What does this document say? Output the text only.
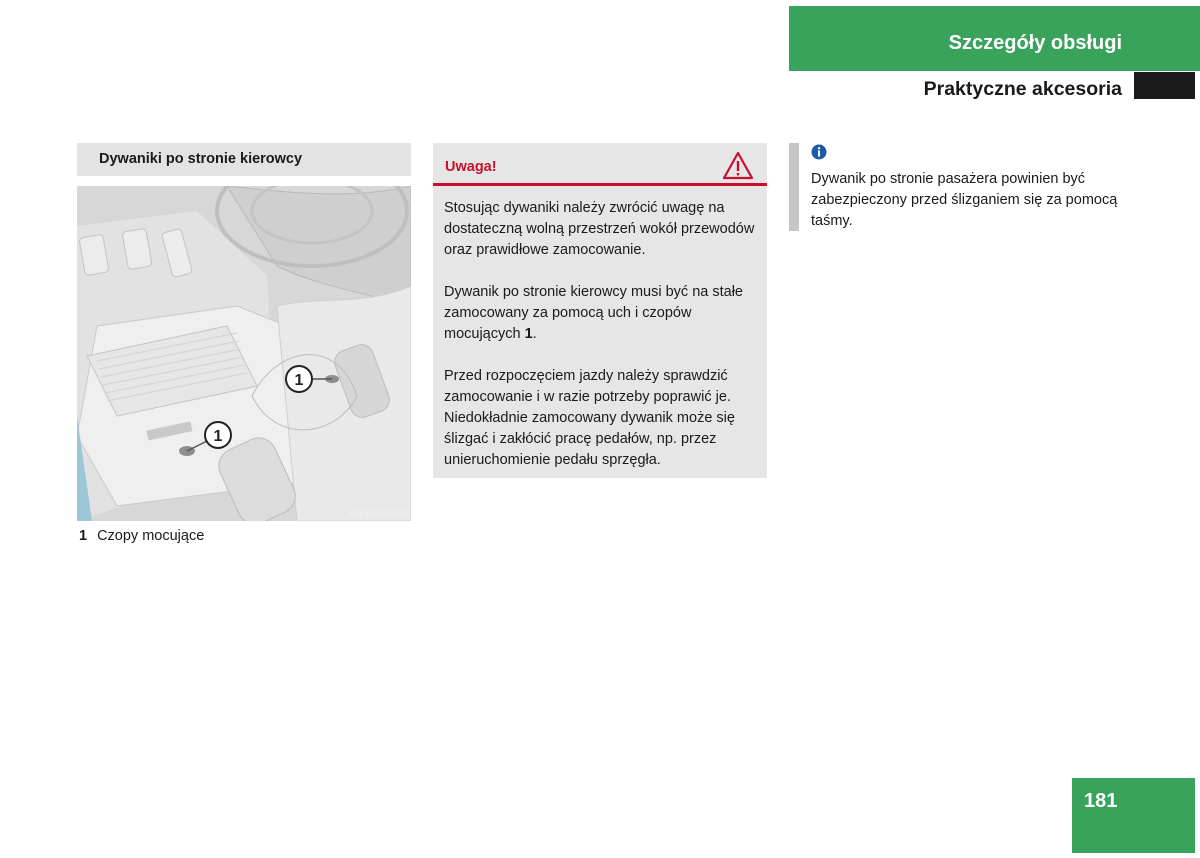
Szczegóły obsługi
Praktyczne akcesoria
Dywaniki po stronie kierowcy
1
1
P68.60-2153-31
1 Czopy mocujące
Uwaga!

Stosując dywaniki należy zwrócić uwagę na dostateczną wolną przestrzeń wokół przewodów oraz prawidłowe zamocowanie.

Dywanik po stronie kierowcy musi być na stałe zamocowany za pomocą uch i czopów mocujących 1.

Przed rozpoczęciem jazdy należy sprawdzić zamocowanie i w razie potrzeby poprawić je. Niedokładnie zamocowany dywanik może się ślizgać i zakłócić pracę pedałów, np. przez unieruchomienie pedału sprzęgła.

Dywanik po stronie pasażera powinien być zabezpieczony przed ślizganiem się za pomocą taśmy.
181
